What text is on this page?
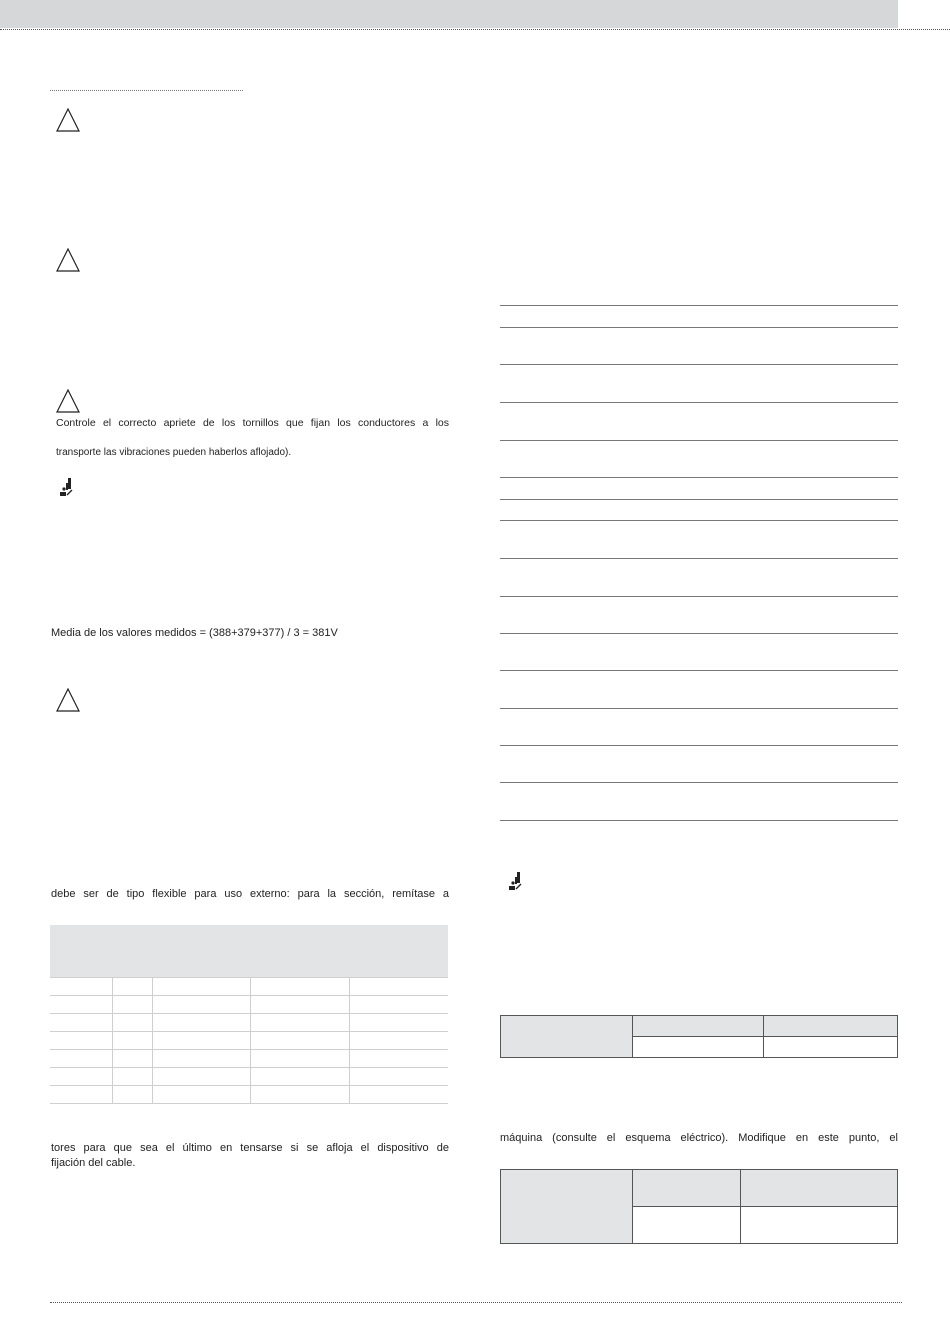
Controle el correcto apriete de los tornillos que fijan los conductores a los
transporte las vibraciones pueden haberlos aflojado).
Media de los valores medidos = (388+379+377) / 3 = 381V
debe ser de tipo flexible para uso externo: para la sección, remítase a
tores para que sea el último en tensarse si se afloja el dispositivo de
fijación del cable.

máquina (consulte el esquema eléctrico). Modifique en este punto, el
